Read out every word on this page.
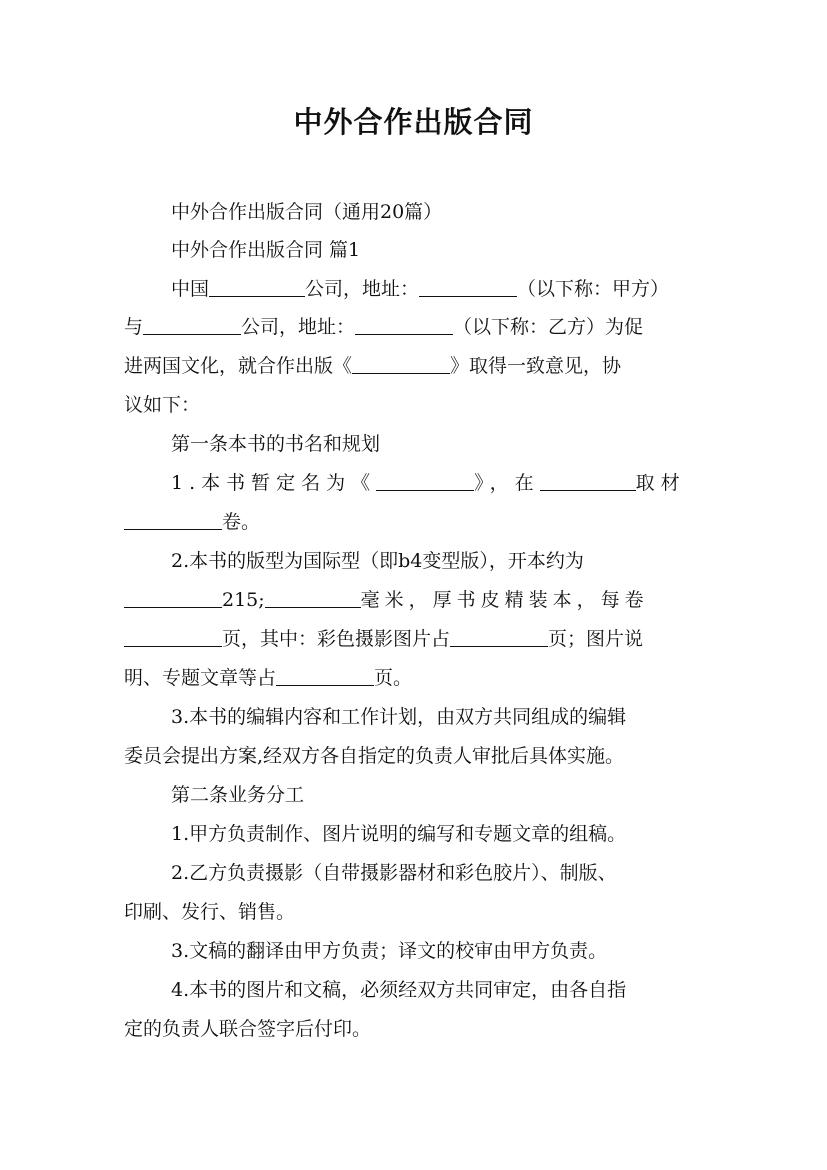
中外合作出版合同
中外合作出版合同（通用20篇）
中外合作出版合同 篇1
中国	公司，地址：	（以下称：甲方）
与	公司，地址：	（以下称：乙方）为促
进两国文化，就合作出版《	》取得一致意见，协
议如下：
第一条本书的书名和规划
1.本书暂定名为《	》，在	取材
卷。
2.本书的版型为国际型（即b4变型版），开本约为
215;	毫米，厚书皮精装本，每卷
页，其中：彩色摄影图片占	页；图片说
明、专题文章等占	页。
3.本书的编辑内容和工作计划，由双方共同组成的编辑
委员会提出方案,经双方各自指定的负责人审批后具体实施。
第二条业务分工
1.甲方负责制作、图片说明的编写和专题文章的组稿。
2.乙方负责摄影（自带摄影器材和彩色胶片）、制版、
印刷、发行、销售。
3.文稿的翻译由甲方负责；译文的校审由甲方负责。
4.本书的图片和文稿，必须经双方共同审定，由各自指
定的负责人联合签字后付印。
